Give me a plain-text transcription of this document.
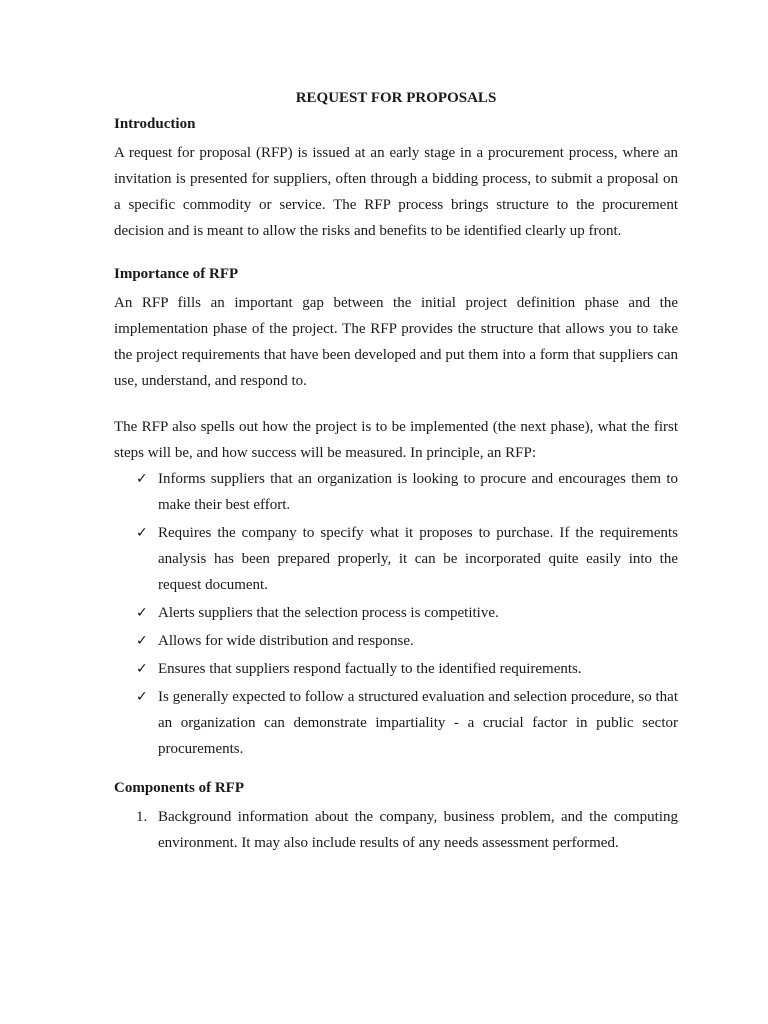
REQUEST FOR PROPOSALS
Introduction

A request for proposal (RFP) is issued at an early stage in a procurement process, where an invitation is presented for suppliers, often through a bidding process, to submit a proposal on a specific commodity or service. The RFP process brings structure to the procurement decision and is meant to allow the risks and benefits to be identified clearly up front.

Importance of RFP

An RFP fills an important gap between the initial project definition phase and the implementation phase of the project. The RFP provides the structure that allows you to take the project requirements that have been developed and put them into a form that suppliers can use, understand, and respond to.

The RFP also spells out how the project is to be implemented (the next phase), what the first steps will be, and how success will be measured. In principle, an RFP:

✓ Informs suppliers that an organization is looking to procure and encourages them to make their best effort.
✓ Requires the company to specify what it proposes to purchase. If the requirements analysis has been prepared properly, it can be incorporated quite easily into the request document.
✓ Alerts suppliers that the selection process is competitive.
✓ Allows for wide distribution and response.
✓ Ensures that suppliers respond factually to the identified requirements.
✓ Is generally expected to follow a structured evaluation and selection procedure, so that an organization can demonstrate impartiality - a crucial factor in public sector procurements.
Components of RFP
1. Background information about the company, business problem, and the computing environment. It may also include results of any needs assessment performed.
